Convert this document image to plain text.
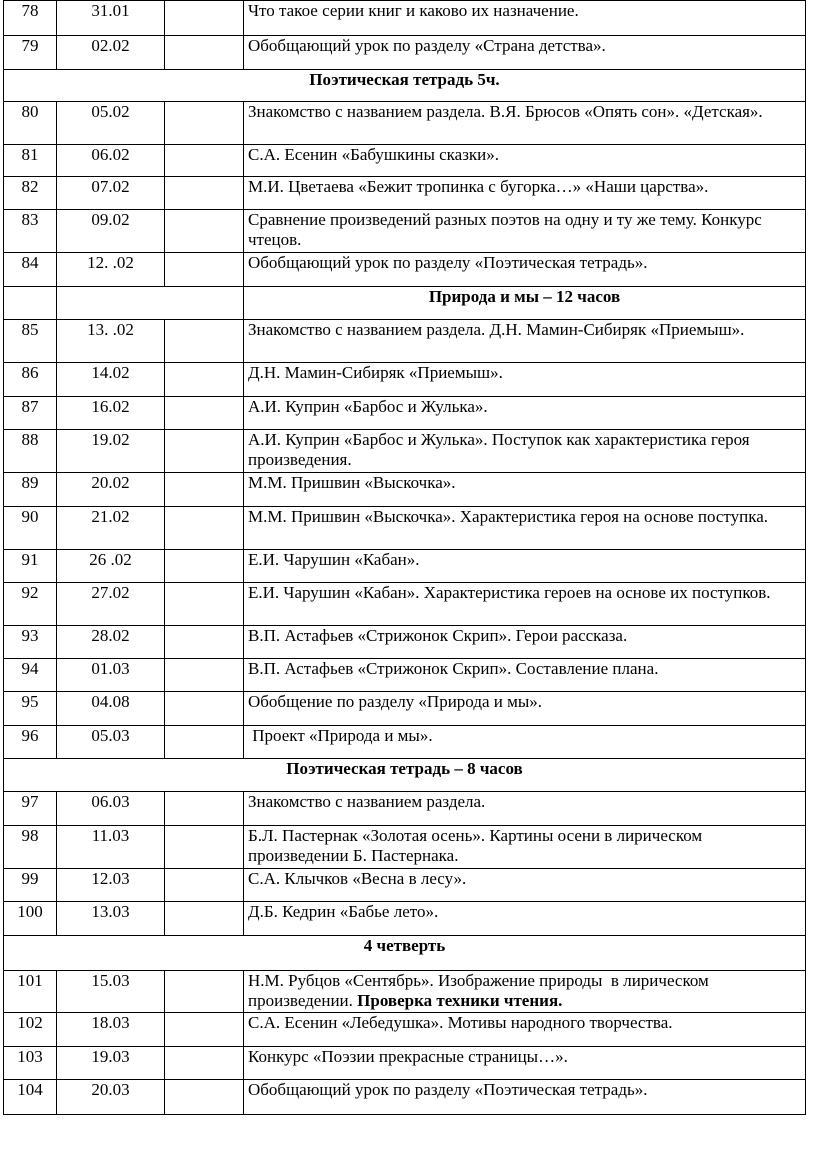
78	31.01		Что такое серии книг и каково их назначение.
79	02.02		Обобщающий урок по разделу «Страна детства».
Поэтическая тетрадь 5ч.			
80	05.02		Знакомство с названием раздела. В.Я. Брюсов «Опять сон». «Детская».
81	06.02		С.А. Есенин «Бабушкины сказки».
82	07.02		М.И. Цветаева «Бежит тропинка с бугорка…» «Наши царства».
83	09.02		Сравнение произведений разных поэтов на одну и ту же тему. Конкурс чтецов.
84	12. .02		Обобщающий урок по разделу «Поэтическая тетрадь».
			Природа и мы – 12 часов
85	13. .02		Знакомство с названием раздела. Д.Н. Мамин-Сибиряк «Приемыш».
86	14.02		Д.Н. Мамин-Сибиряк «Приемыш».
87	16.02		А.И. Куприн «Барбос и Жулька».
88	19.02		А.И. Куприн «Барбос и Жулька». Поступок как характеристика героя произведения.
89	20.02		М.М. Пришвин «Выскочка».
90	21.02		М.М. Пришвин «Выскочка». Характеристика героя на основе поступка.
91	26 .02		Е.И. Чарушин «Кабан».
92	27.02		Е.И. Чарушин «Кабан». Характеристика героев на основе их поступков.
93	28.02		В.П. Астафьев «Стрижонок Скрип». Герои рассказа.
94	01.03		В.П. Астафьев «Стрижонок Скрип». Составление плана.
95	04.08		Обобщение по разделу «Природа и мы».
96	05.03		Проект «Природа и мы».
Поэтическая тетрадь – 8 часов			
97	06.03		Знакомство с названием раздела.
98	11.03		Б.Л. Пастернак «Золотая осень». Картины осени в лирическом произведении Б. Пастернака.
99	12.03		С.А. Клычков «Весна в лесу».
100	13.03		Д.Б. Кедрин «Бабье лето».
4 четверть			
101	15.03		Н.М. Рубцов «Сентябрь». Изображение природы  в лирическом произведении. Проверка техники чтения.
102	18.03		С.А. Есенин «Лебедушка». Мотивы народного творчества.
103	19.03		Конкурс «Поэзии прекрасные страницы…».
104	20.03		Обобщающий урок по разделу «Поэтическая тетрадь».
